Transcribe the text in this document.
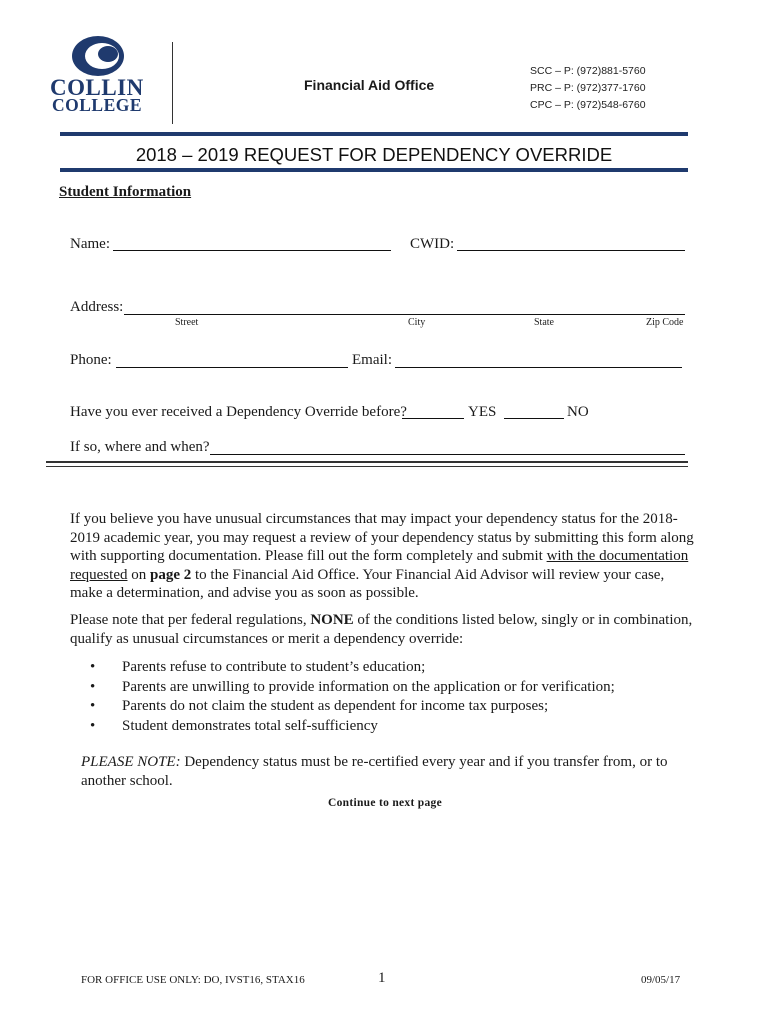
COLLIN
COLLEGE
Financial Aid Office
SCC – P: (972)881-5760
PRC – P: (972)377-1760
CPC – P: (972)548-6760
2018 – 2019 REQUEST FOR DEPENDENCY OVERRIDE
Student Information
Name:	CWID:
Address:
Street	City	State	Zip Code
Phone:	Email:
Have you ever received a Dependency Override before?	YES	NO
If so, where and when?
If you believe you have unusual circumstances that may impact your dependency status for the 2018-2019 academic year, you may request a review of your dependency status by submitting this form along with supporting documentation. Please fill out the form completely and submit with the documentation requested on page 2 to the Financial Aid Office. Your Financial Aid Advisor will review your case, make a determination, and advise you as soon as possible.
Please note that per federal regulations, NONE of the conditions listed below, singly or in combination, qualify as unusual circumstances or merit a dependency override:
• Parents refuse to contribute to student’s education;
• Parents are unwilling to provide information on the application or for verification;
• Parents do not claim the student as dependent for income tax purposes;
• Student demonstrates total self-sufficiency
PLEASE NOTE: Dependency status must be re-certified every year and if you transfer from, or to another school.
Continue to next page
FOR OFFICE USE ONLY: DO, IVST16, STAX16	1	09/05/17
